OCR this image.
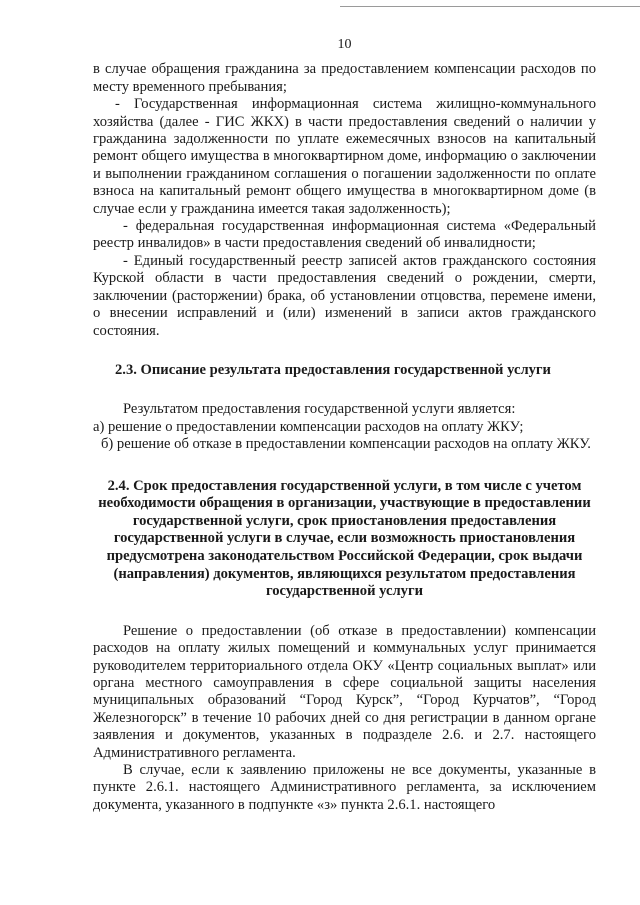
10

в случае обращения гражданина за предоставлением компенсации расходов по месту временного пребывания;

- Государственная информационная система жилищно-коммунального хозяйства (далее - ГИС ЖКХ) в части предоставления сведений о наличии у гражданина задолженности по уплате ежемесячных взносов на капитальный ремонт общего имущества в многоквартирном доме, информацию о заключении и выполнении гражданином соглашения о погашении задолженности по оплате взноса на капитальный ремонт общего имущества в многоквартирном доме (в случае если у гражданина имеется такая задолженность);

- федеральная государственная информационная система «Федеральный реестр инвалидов» в части предоставления сведений об инвалидности;

- Единый государственный реестр записей актов гражданского состояния Курской области в части предоставления сведений о рождении, смерти, заключении (расторжении) брака, об установлении отцовства, перемене имени, о внесении исправлений и (или) изменений в записи актов гражданского состояния.

2.3. Описание результата предоставления государственной услуги

Результатом предоставления государственной услуги является:

а) решение о предоставлении компенсации расходов на оплату ЖКУ;

б) решение об отказе в предоставлении компенсации расходов на оплату ЖКУ.

2.4. Срок предоставления государственной услуги, в том числе с учетом необходимости обращения в организации, участвующие в предоставлении государственной услуги, срок приостановления предоставления государственной услуги в случае, если возможность приостановления предусмотрена законодательством Российской Федерации, срок выдачи (направления) документов, являющихся результатом предоставления государственной услуги

Решение о предоставлении (об отказе в предоставлении) компенсации расходов на оплату жилых помещений и коммунальных услуг принимается руководителем территориального отдела ОКУ «Центр социальных выплат» или органа местного самоуправления в сфере социальной защиты населения муниципальных образований “Город Курск”, “Город Курчатов”, “Город Железногорск” в течение 10 рабочих дней со дня регистрации в данном органе заявления и документов, указанных в подразделе 2.6. и 2.7. настоящего Административного регламента.

В случае, если к заявлению приложены не все документы, указанные в пункте 2.6.1. настоящего Административного регламента, за исключением документа, указанного в подпункте «з» пункта 2.6.1. настоящего
